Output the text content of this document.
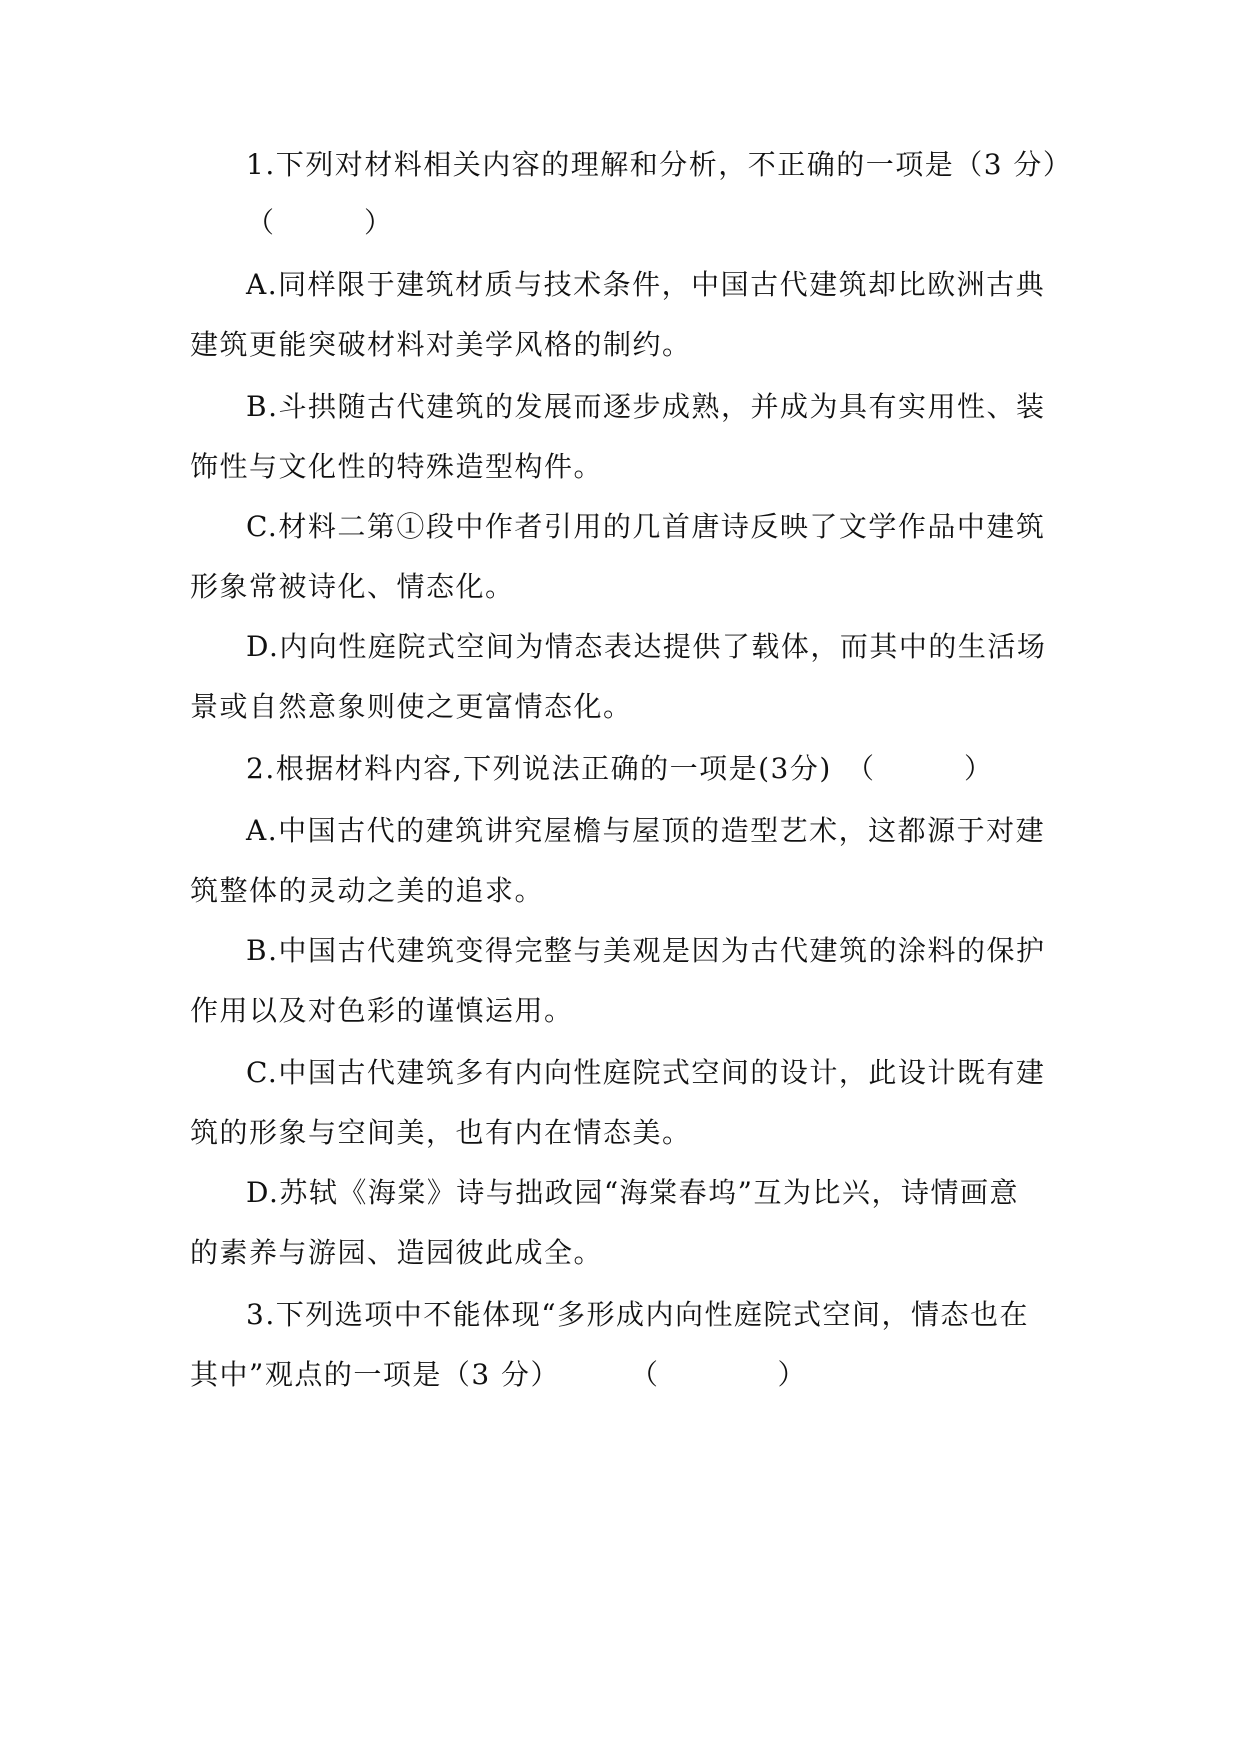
1.下列对材料相关内容的理解和分析，不正确的一项是（3 分）
（　　　）
A.同样限于建筑材质与技术条件，中国古代建筑却比欧洲古典
建筑更能突破材料对美学风格的制约。
B.斗拱随古代建筑的发展而逐步成熟，并成为具有实用性、装
饰性与文化性的特殊造型构件。
C.材料二第①段中作者引用的几首唐诗反映了文学作品中建筑
形象常被诗化、情态化。
D.内向性庭院式空间为情态表达提供了载体，而其中的生活场
景或自然意象则使之更富情态化。
2.根据材料内容,下列说法正确的一项是(3分) （　　　）
A.中国古代的建筑讲究屋檐与屋顶的造型艺术，这都源于对建
筑整体的灵动之美的追求。
B.中国古代建筑变得完整与美观是因为古代建筑的涂料的保护
作用以及对色彩的谨慎运用。
C.中国古代建筑多有内向性庭院式空间的设计，此设计既有建
筑的形象与空间美，也有内在情态美。
D.苏轼《海棠》诗与拙政园“海棠春坞”互为比兴，诗情画意
的素养与游园、造园彼此成全。
3.下列选项中不能体现“多形成内向性庭院式空间，情态也在
其中”观点的一项是（3 分） （　　　　）
